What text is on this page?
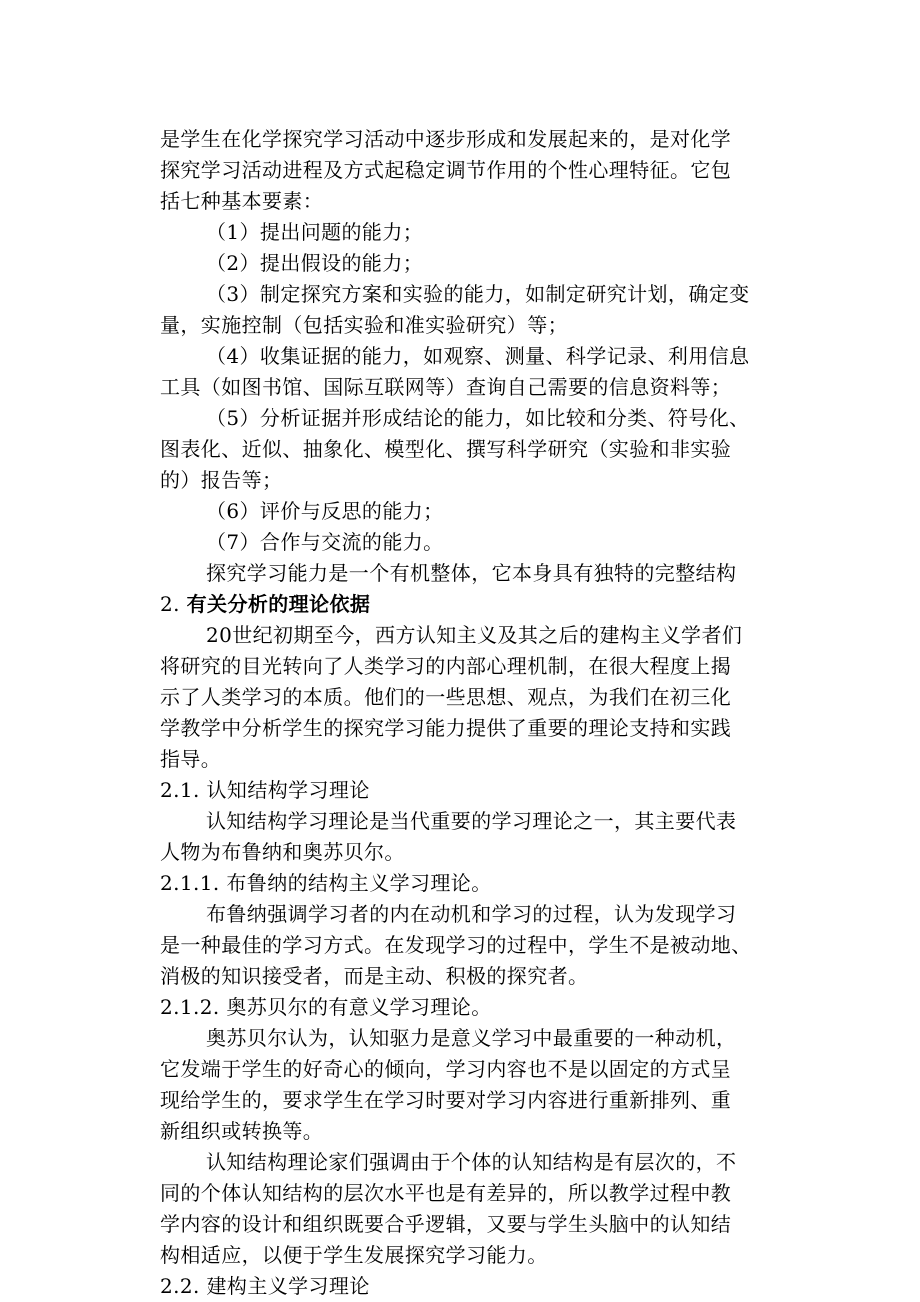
是学生在化学探究学习活动中逐步形成和发展起来的，是对化学
探究学习活动进程及方式起稳定调节作用的个性心理特征。它包
括七种基本要素：
（1）提出问题的能力；
（2）提出假设的能力；
（3）制定探究方案和实验的能力，如制定研究计划，确定变
量，实施控制（包括实验和准实验研究）等；
（4）收集证据的能力，如观察、测量、科学记录、利用信息
工具（如图书馆、国际互联网等）查询自己需要的信息资料等；
（5）分析证据并形成结论的能力，如比较和分类、符号化、
图表化、近似、抽象化、模型化、撰写科学研究（实验和非实验
的）报告等；
（6）评价与反思的能力；
（7）合作与交流的能力。
探究学习能力是一个有机整体，它本身具有独特的完整结构
2. 有关分析的理论依据
20世纪初期至今，西方认知主义及其之后的建构主义学者们
将研究的目光转向了人类学习的内部心理机制，在很大程度上揭
示了人类学习的本质。他们的一些思想、观点，为我们在初三化
学教学中分析学生的探究学习能力提供了重要的理论支持和实践
指导。
2.1. 认知结构学习理论
认知结构学习理论是当代重要的学习理论之一，其主要代表
人物为布鲁纳和奥苏贝尔。
2.1.1. 布鲁纳的结构主义学习理论。
布鲁纳强调学习者的内在动机和学习的过程，认为发现学习
是一种最佳的学习方式。在发现学习的过程中，学生不是被动地、
消极的知识接受者，而是主动、积极的探究者。
2.1.2. 奥苏贝尔的有意义学习理论。
奥苏贝尔认为，认知驱力是意义学习中最重要的一种动机，
它发端于学生的好奇心的倾向，学习内容也不是以固定的方式呈
现给学生的，要求学生在学习时要对学习内容进行重新排列、重
新组织或转换等。
认知结构理论家们强调由于个体的认知结构是有层次的，不
同的个体认知结构的层次水平也是有差异的，所以教学过程中教
学内容的设计和组织既要合乎逻辑，又要与学生头脑中的认知结
构相适应，以便于学生发展探究学习能力。
2.2. 建构主义学习理论
